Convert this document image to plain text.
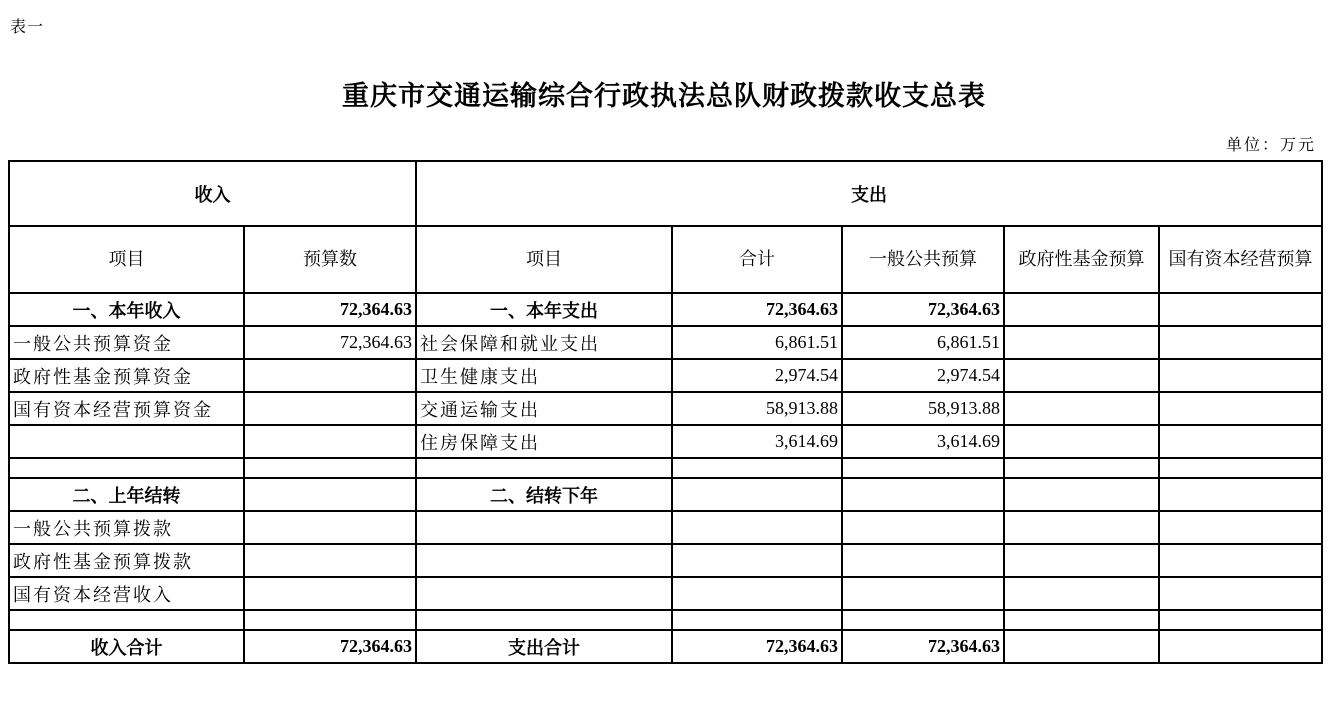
表一
重庆市交通运输综合行政执法总队财政拨款收支总表
单位：万元
收入		支出				
项目	预算数	项目	合计	一般公共预算	政府性基金预算	国有资本经营预算
一、本年收入	72,364.63	一、本年支出	72,364.63	72,364.63		
一般公共预算资金	72,364.63	社会保障和就业支出	6,861.51	6,861.51		
政府性基金预算资金		卫生健康支出	2,974.54	2,974.54		
国有资本经营预算资金		交通运输支出	58,913.88	58,913.88		
		住房保障支出	3,614.69	3,614.69		

二、上年结转		二、结转下年				
一般公共预算拨款						
政府性基金预算拨款						
国有资本经营收入						

收入合计	72,364.63	支出合计	72,364.63	72,364.63		
